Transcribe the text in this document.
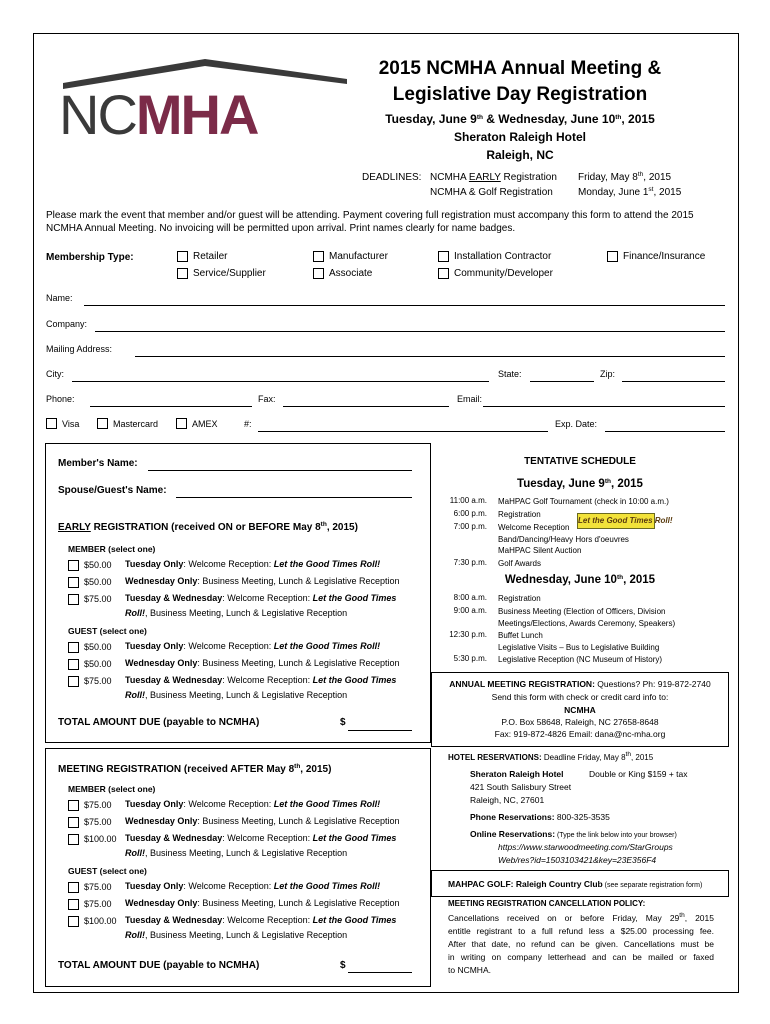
NCMHA
2015 NCMHA Annual Meeting &
Legislative Day Registration
Tuesday, June 9th & Wednesday, June 10th, 2015
Sheraton Raleigh Hotel
Raleigh, NC
DEADLINES: NCMHA EARLY Registration Friday, May 8th, 2015
NCMHA & Golf Registration	Monday, June 1st, 2015
Please mark the event that member and/or guest will be attending. Payment covering full registration must accompany this form to attend the 2015 NCMHA Annual Meeting. No invoicing will be permitted upon arrival. Print names clearly for name badges.
Membership Type:	Retailer
Service/Supplier
Manufacturer
Associate
Installation Contractor
Community/Developer
Finance/Insurance
Name:
Company:
Mailing Address:
City:	State:	Zip:
Phone:	Fax:	Email:
Visa	Mastercard	AMEX	#:	Exp. Date:
Member's Name:
Spouse/Guest's Name:
EARLY REGISTRATION (received ON or BEFORE May 8th, 2015)
MEMBER (select one)
$50.00 Tuesday Only: Welcome Reception: Let the Good Times Roll!
$50.00 Wednesday Only: Business Meeting, Lunch & Legislative Reception
$75.00 Tuesday & Wednesday: Welcome Reception: Let the Good Times
Roll!, Business Meeting, Lunch & Legislative Reception
GUEST (select one)
$50.00 Tuesday Only: Welcome Reception: Let the Good Times Roll!
$50.00 Wednesday Only: Business Meeting, Lunch & Legislative Reception
$75.00 Tuesday & Wednesday: Welcome Reception: Let the Good Times
Roll!, Business Meeting, Lunch & Legislative Reception
TOTAL AMOUNT DUE (payable to NCMHA)	$
MEETING REGISTRATION (received AFTER May 8th, 2015)
MEMBER (select one)
$75.00 Tuesday Only: Welcome Reception: Let the Good Times Roll!
$75.00 Wednesday Only: Business Meeting, Lunch & Legislative Reception
$100.00 Tuesday & Wednesday: Welcome Reception: Let the Good Times
Roll!, Business Meeting, Lunch & Legislative Reception
GUEST (select one)
$75.00 Tuesday Only: Welcome Reception: Let the Good Times Roll!
$75.00 Wednesday Only: Business Meeting, Lunch & Legislative Reception
$100.00 Tuesday & Wednesday: Welcome Reception: Let the Good Times
Roll!, Business Meeting, Lunch & Legislative Reception
TOTAL AMOUNT DUE (payable to NCMHA)	$
TENTATIVE SCHEDULE
Tuesday, June 9th, 2015
11:00 a.m. MaHPAC Golf Tournament (check in 10:00 a.m.)
6:00 p.m. Registration
7:00 p.m. Welcome Reception
Band/Dancing/Heavy Hors d'oeuvres
MaHPAC Silent Auction
7:30 p.m. Golf Awards
Let the Good Times Roll!
Wednesday, June 10th, 2015
8:00 a.m. Registration
9:00 a.m. Business Meeting (Election of Officers, Division
Meetings/Elections, Awards Ceremony, Speakers)
12:30 p.m. Buffet Lunch
Legislative Visits – Bus to Legislative Building
5:30 p.m. Legislative Reception (NC Museum of History)
ANNUAL MEETING REGISTRATION: Questions? Ph: 919-872-2740
Send this form with check or credit card info to:
NCMHA
P.O. Box 58648, Raleigh, NC 27658-8648
Fax: 919-872-4826 Email: dana@nc-mha.org
HOTEL RESERVATIONS: Deadline Friday, May 8th, 2015
Sheraton Raleigh Hotel	Double or King $159 + tax
421 South Salisbury Street
Raleigh, NC, 27601
Phone Reservations: 800-325-3535
Online Reservations: (Type the link below into your browser)
https://www.starwoodmeeting.com/StarGroups
Web/res?id=1503103421&key=23E356F4
MAHPAC GOLF: Raleigh Country Club (see separate registration form)
MEETING REGISTRATION CANCELLATION POLICY:
Cancellations received on or before Friday, May 29th, 2015
entitle registrant to a full refund less a $25.00 processing fee.
After that date, no refund can be given. Cancellations must be
in writing on company letterhead and can be mailed or faxed
to NCMHA.
